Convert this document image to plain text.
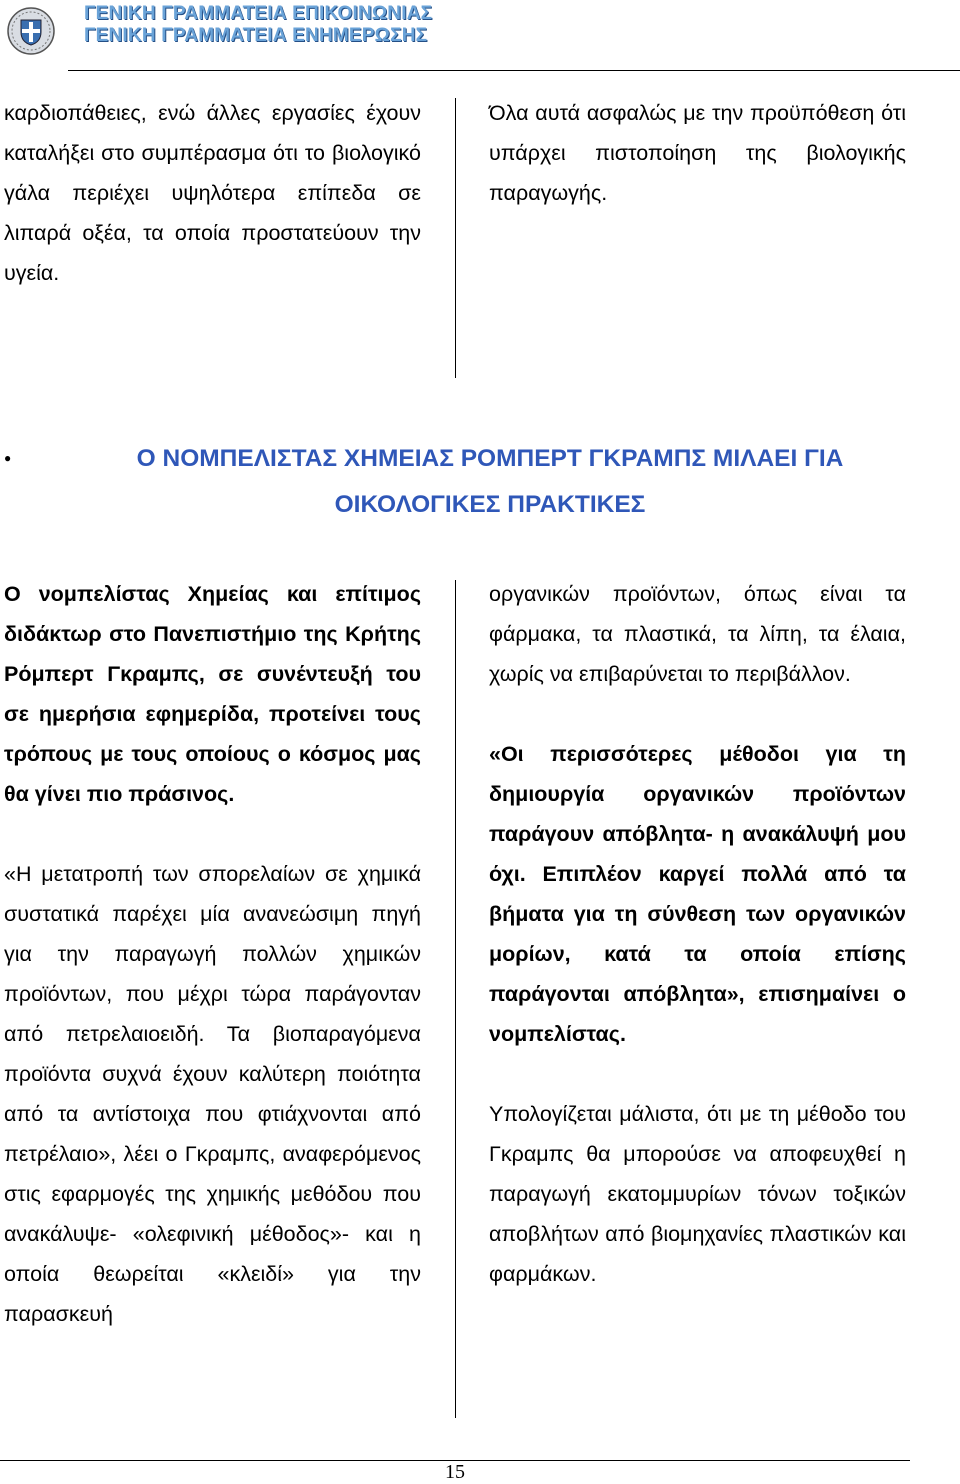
ΓΕΝΙΚΗ ΓΡΑΜΜΑΤΕΙΑ ΕΠΙΚΟΙΝΩΝΙΑΣ
ΓΕΝΙΚΗ ΓΡΑΜΜΑΤΕΙΑ ΕΝΗΜΕΡΩΣΗΣ

καρδιοπάθειες, ενώ άλλες εργασίες έχουν καταλήξει στο συμπέρασμα ότι το βιολογικό γάλα περιέχει υψηλότερα επίπεδα σε λιπαρά οξέα, τα οποία προστατεύουν την υγεία.

Όλα αυτά ασφαλώς με την προϋπόθεση ότι υπάρχει πιστοποίηση της βιολογικής παραγωγής.

●	Ο ΝΟΜΠΕΛΙΣΤΑΣ ΧΗΜΕΙΑΣ ΡΟΜΠΕΡΤ ΓΚΡΑΜΠΣ ΜΙΛΑΕΙ ΓΙΑ
ΟΙΚΟΛΟΓΙΚΕΣ ΠΡΑΚΤΙΚΕΣ

Ο νομπελίστας Χημείας και επίτιμος διδάκτωρ στο Πανεπιστήμιο της Κρήτης Ρόμπερτ Γκραμπς, σε συνέντευξή του σε ημερήσια εφημερίδα, προτείνει τους τρόπους με τους οποίους ο κόσμος μας θα γίνει πιο πράσινος.

«Η μετατροπή των σπορελαίων σε χημικά συστατικά παρέχει μία ανανεώσιμη πηγή για την παραγωγή πολλών χημικών προϊόντων, που μέχρι τώρα παράγονταν από πετρελαιοειδή. Τα βιοπαραγόμενα προϊόντα συχνά έχουν καλύτερη ποιότητα από τα αντίστοιχα που φτιάχνονται από πετρέλαιο», λέει ο Γκραμπς, αναφερόμενος στις εφαρμογές της χημικής μεθόδου που ανακάλυψε- «ολεφινική μέθοδος»- και η οποία θεωρείται «κλειδί» για την παρασκευή

οργανικών προϊόντων, όπως είναι τα φάρμακα, τα πλαστικά, τα λίπη, τα έλαια, χωρίς να επιβαρύνεται το περιβάλλον.

«Οι περισσότερες μέθοδοι για τη δημιουργία οργανικών προϊόντων παράγουν απόβλητα- η ανακάλυψή μου όχι. Επιπλέον καργεί πολλά από τα βήματα για τη σύνθεση των οργανικών μορίων, κατά τα οποία επίσης παράγονται απόβλητα», επισημαίνει ο νομπελίστας.

Υπολογίζεται μάλιστα, ότι με τη μέθοδο του Γκραμπς θα μπορούσε να αποφευχθεί η παραγωγή εκατομμυρίων τόνων τοξικών αποβλήτων από βιομηχανίες πλαστικών και φαρμάκων.

15
